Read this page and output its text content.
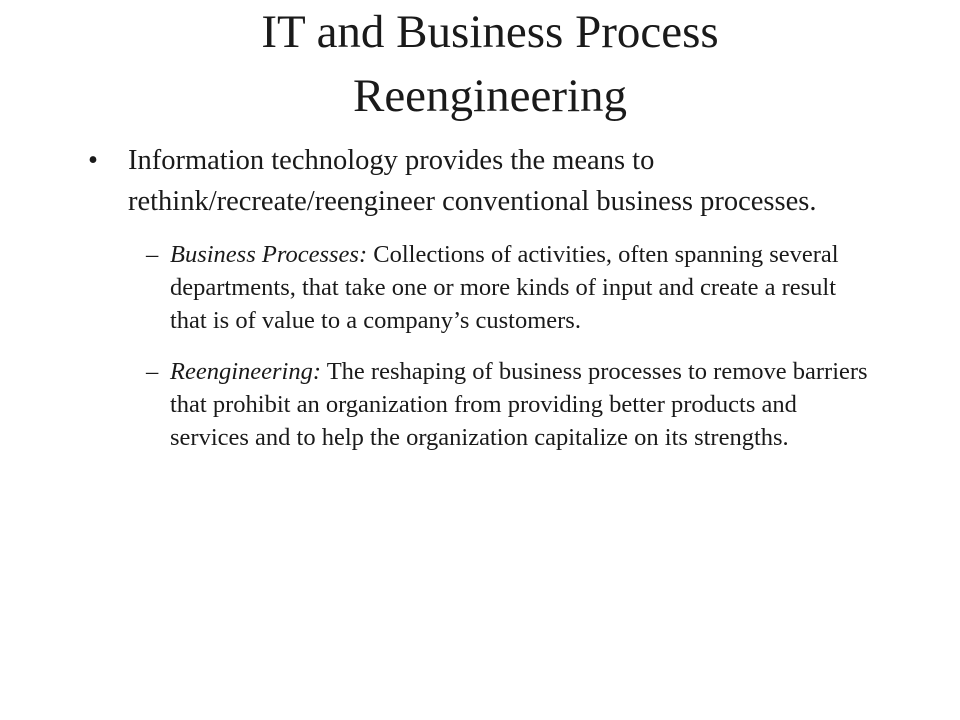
IT and Business Process
Reengineering

• Information technology provides the means to rethink/recreate/reengineer conventional business processes.

– Business Processes: Collections of activities, often spanning several departments, that take one or more kinds of input and create a result that is of value to a company’s customers.

– Reengineering: The reshaping of business processes to remove barriers that prohibit an organization from providing better products and services and to help the organization capitalize on its strengths.
